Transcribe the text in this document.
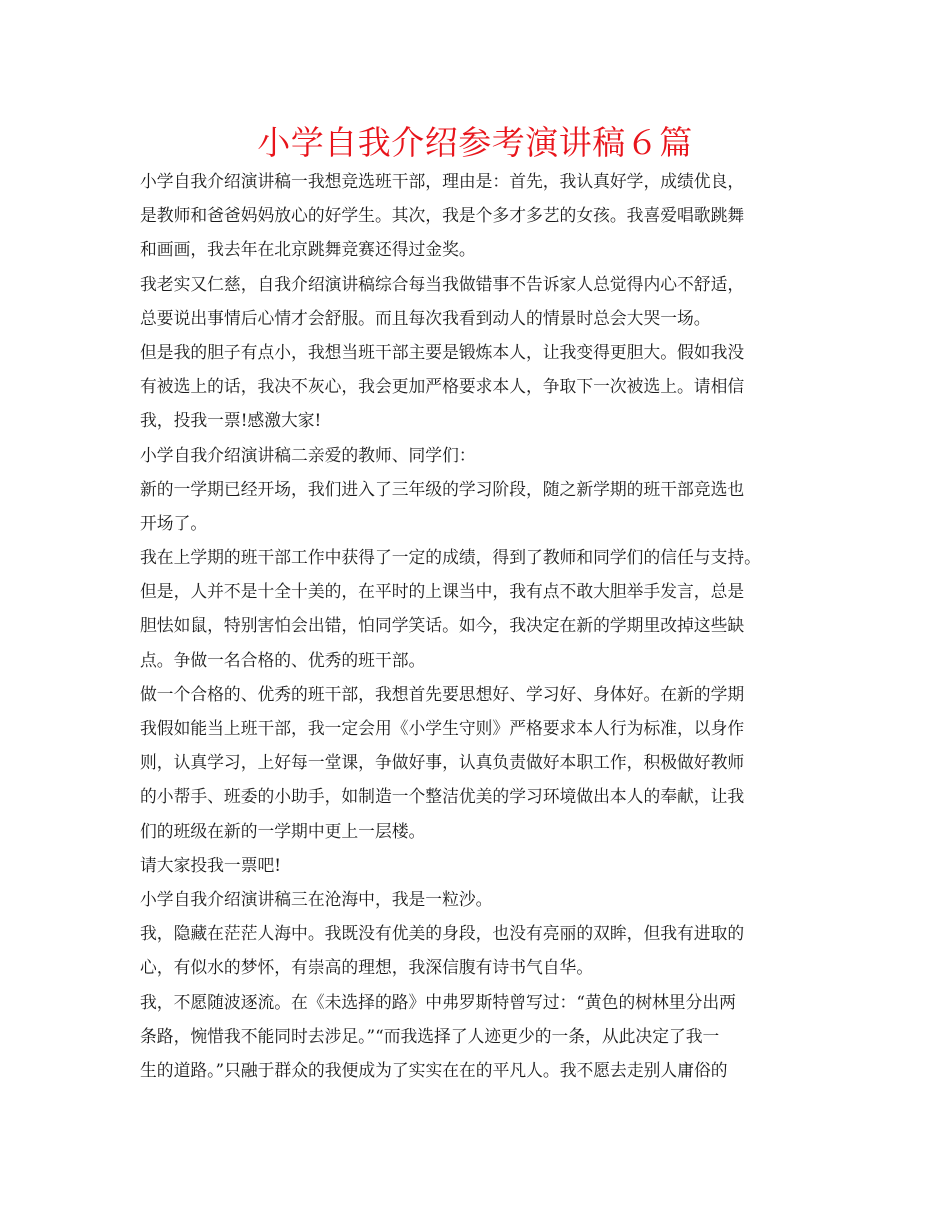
小学自我介绍参考演讲稿６篇
小学自我介绍演讲稿一我想竞选班干部，理由是：首先，我认真好学，成绩优良，
是教师和爸爸妈妈放心的好学生。其次，我是个多才多艺的女孩。我喜爱唱歌跳舞
和画画，我去年在北京跳舞竞赛还得过金奖。
我老实又仁慈，自我介绍演讲稿综合每当我做错事不告诉家人总觉得内心不舒适，
总要说出事情后心情才会舒服。而且每次我看到动人的情景时总会大哭一场。
但是我的胆子有点小，我想当班干部主要是锻炼本人，让我变得更胆大。假如我没
有被选上的话，我决不灰心，我会更加严格要求本人，争取下一次被选上。请相信
我，投我一票!感激大家!
小学自我介绍演讲稿二亲爱的教师、同学们：
新的一学期已经开场，我们进入了三年级的学习阶段，随之新学期的班干部竞选也
开场了。
我在上学期的班干部工作中获得了一定的成绩，得到了教师和同学们的信任与支持。
但是，人并不是十全十美的，在平时的上课当中，我有点不敢大胆举手发言，总是
胆怯如鼠，特别害怕会出错，怕同学笑话。如今，我决定在新的学期里改掉这些缺
点。争做一名合格的、优秀的班干部。
做一个合格的、优秀的班干部，我想首先要思想好、学习好、身体好。在新的学期
我假如能当上班干部，我一定会用《小学生守则》严格要求本人行为标准，以身作
则，认真学习，上好每一堂课，争做好事，认真负责做好本职工作，积极做好教师
的小帮手、班委的小助手，如制造一个整洁优美的学习环境做出本人的奉献，让我
们的班级在新的一学期中更上一层楼。
请大家投我一票吧!
小学自我介绍演讲稿三在沧海中，我是一粒沙。
我，隐藏在茫茫人海中。我既没有优美的身段，也没有亮丽的双眸，但我有进取的
心，有似水的梦怀，有崇高的理想，我深信腹有诗书气自华。
我，不愿随波逐流。在《未选择的路》中弗罗斯特曾写过：“黄色的树林里分出两
条路，惋惜我不能同时去涉足。”“而我选择了人迹更少的一条，从此决定了我一
生的道路。”只融于群众的我便成为了实实在在的平凡人。我不愿去走别人庸俗的
